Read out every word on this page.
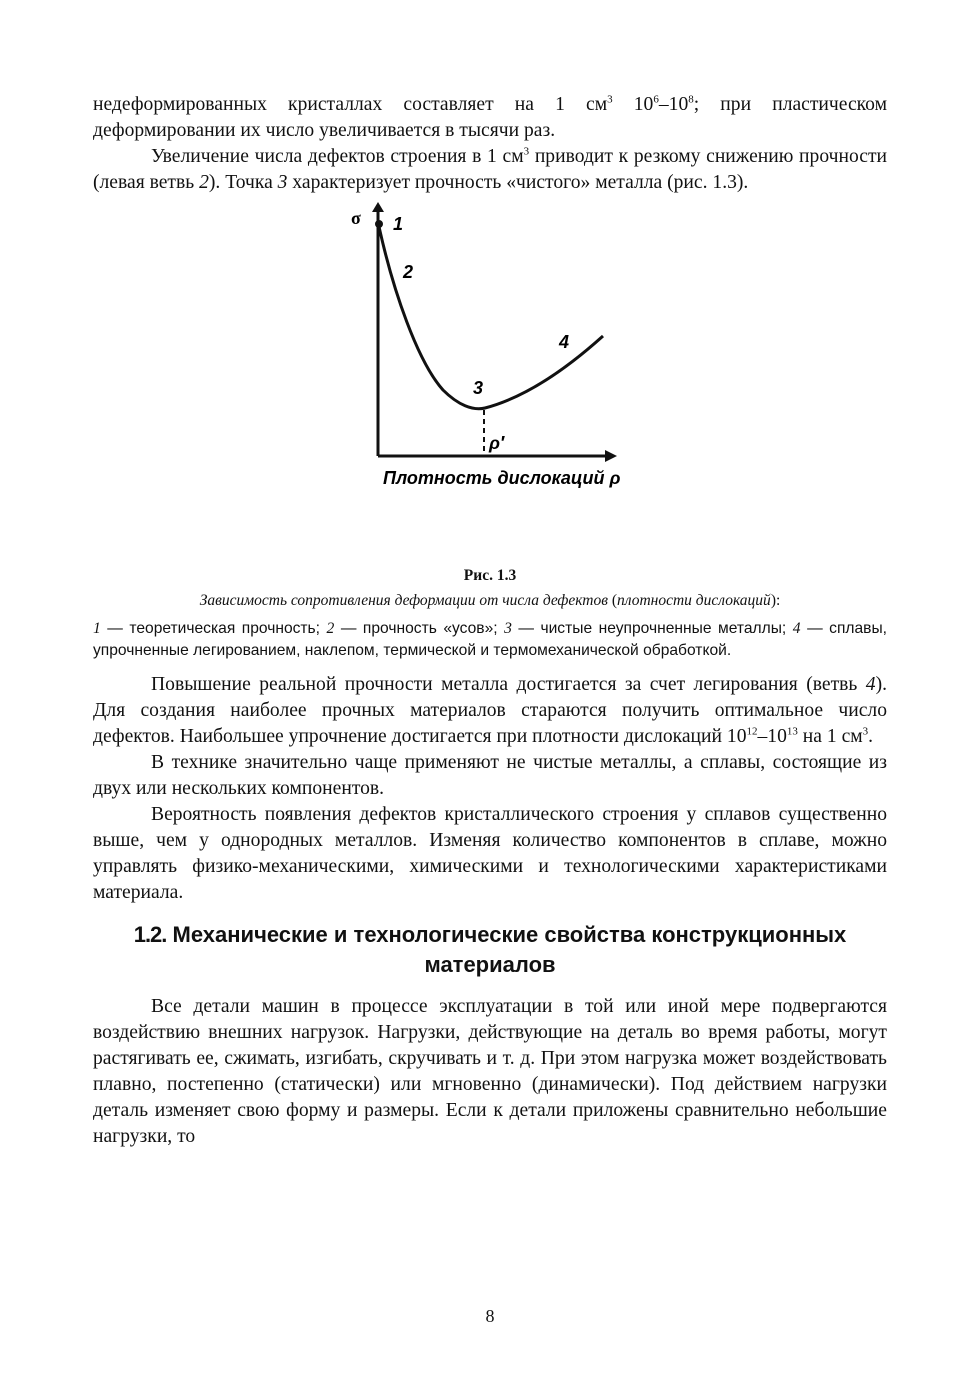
недеформированных кристаллах составляет на 1 $см^3$ $10^6-10^8$; при пластическом деформировании их число увеличивается в тысячи раз.

Увеличение числа дефектов строения в 1 $см^3$ приводит к резкому снижению прочности (левая ветвь 2). Точка 3 характеризует прочность «чистого» металла (рис. 1.3).

σ 1
2
3
4
ρ′
Плотность дислокаций ρ
Рис. 1.3
Зависимость сопротивления деформации от числа дефектов (плотности дислокаций):
1 — теоретическая прочность; 2 — прочность «усов»; 3 — чистые неупрочненные металлы; 4 — сплавы, упрочненные легированием, наклепом, термической и термомеханической обработкой.

Повышение реальной прочности металла достигается за счет легирования (ветвь 4). Для создания наиболее прочных материалов стараются получить оптимальное число дефектов. Наибольшее упрочнение достигается при плотности дислокаций $10^{12}-10^{13}$ на 1 $см^3$.

В технике значительно чаще применяют не чистые металлы, а сплавы, состоящие из двух или нескольких компонентов.

Вероятность появления дефектов кристаллического строения у сплавов существенно выше, чем у однородных металлов. Изменяя количество компонентов в сплаве, можно управлять физико-механическими, химическими и технологическими характеристиками материала.

1.2. Механические и технологические свойства конструкционных материалов

Все детали машин в процессе эксплуатации в той или иной мере подвергаются воздействию внешних нагрузок. Нагрузки, действующие на деталь во время работы, могут растягивать ее, сжимать, изгибать, скручивать и т. д. При этом нагрузка может воздействовать плавно, постепенно (статически) или мгновенно (динамически). Под действием нагрузки деталь изменяет свою форму и размеры. Если к детали приложены сравнительно небольшие нагрузки, то

8
